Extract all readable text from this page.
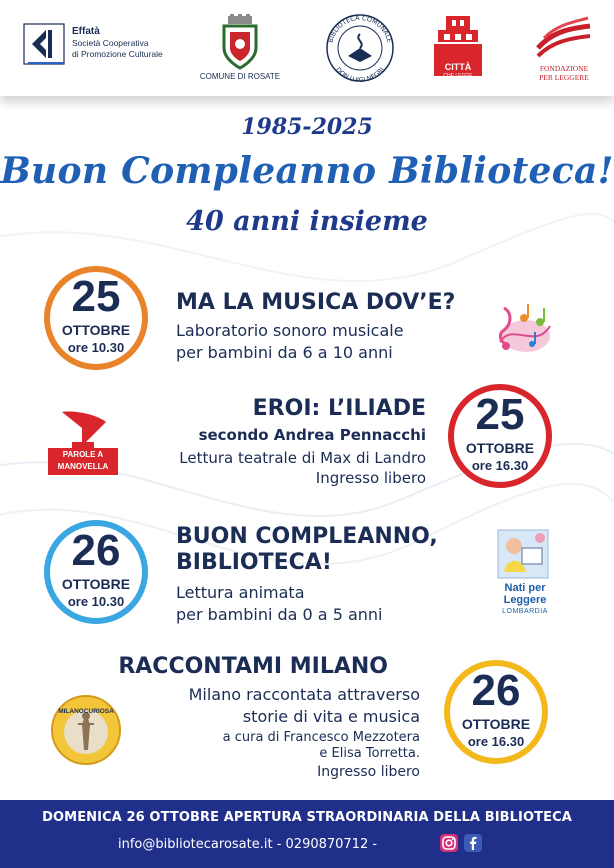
Effatà
Società Cooperativa
di Promozione Culturale
COMUNE DI ROSATE
BIBLIOTECA COMUNALE
DON LUIGI NEGRI	CITTÀ
CHE LEGGE
FONDAZIONE
PER LEGGERE
1985-2025
Buon Compleanno Biblioteca!
40 anni insieme
25
OTTOBRE
ore 10.30
MA LA MUSICA DOV’E?
Laboratorio sonoro musicale
per bambini da 6 a 10 anni
EROI: L’ILIADE
secondo Andrea Pennacchi
Lettura teatrale di Max di Landro
Ingresso libero
25
OTTOBRE
ore 16.30
PAROLE A MANOVELLA
26
OTTOBRE
ore 10.30
BUON COMPLEANNO,
BIBLIOTECA!
Lettura animata
per bambini da 0 a 5 anni
Nati per
Leggere
LOMBARDIA
RACCONTAMI MILANO
Milano raccontata attraverso
storie di vita e musica
a cura di Francesco Mezzotera
e Elisa Torretta.
Ingresso libero
26
OTTOBRE
ore 16.30
MILANOCURIOSA
DOMENICA 26 OTTOBRE APERTURA STRAORDINARIA DELLA BIBLIOTECA
info@bibliotecarosate.it - 0290870712 -
